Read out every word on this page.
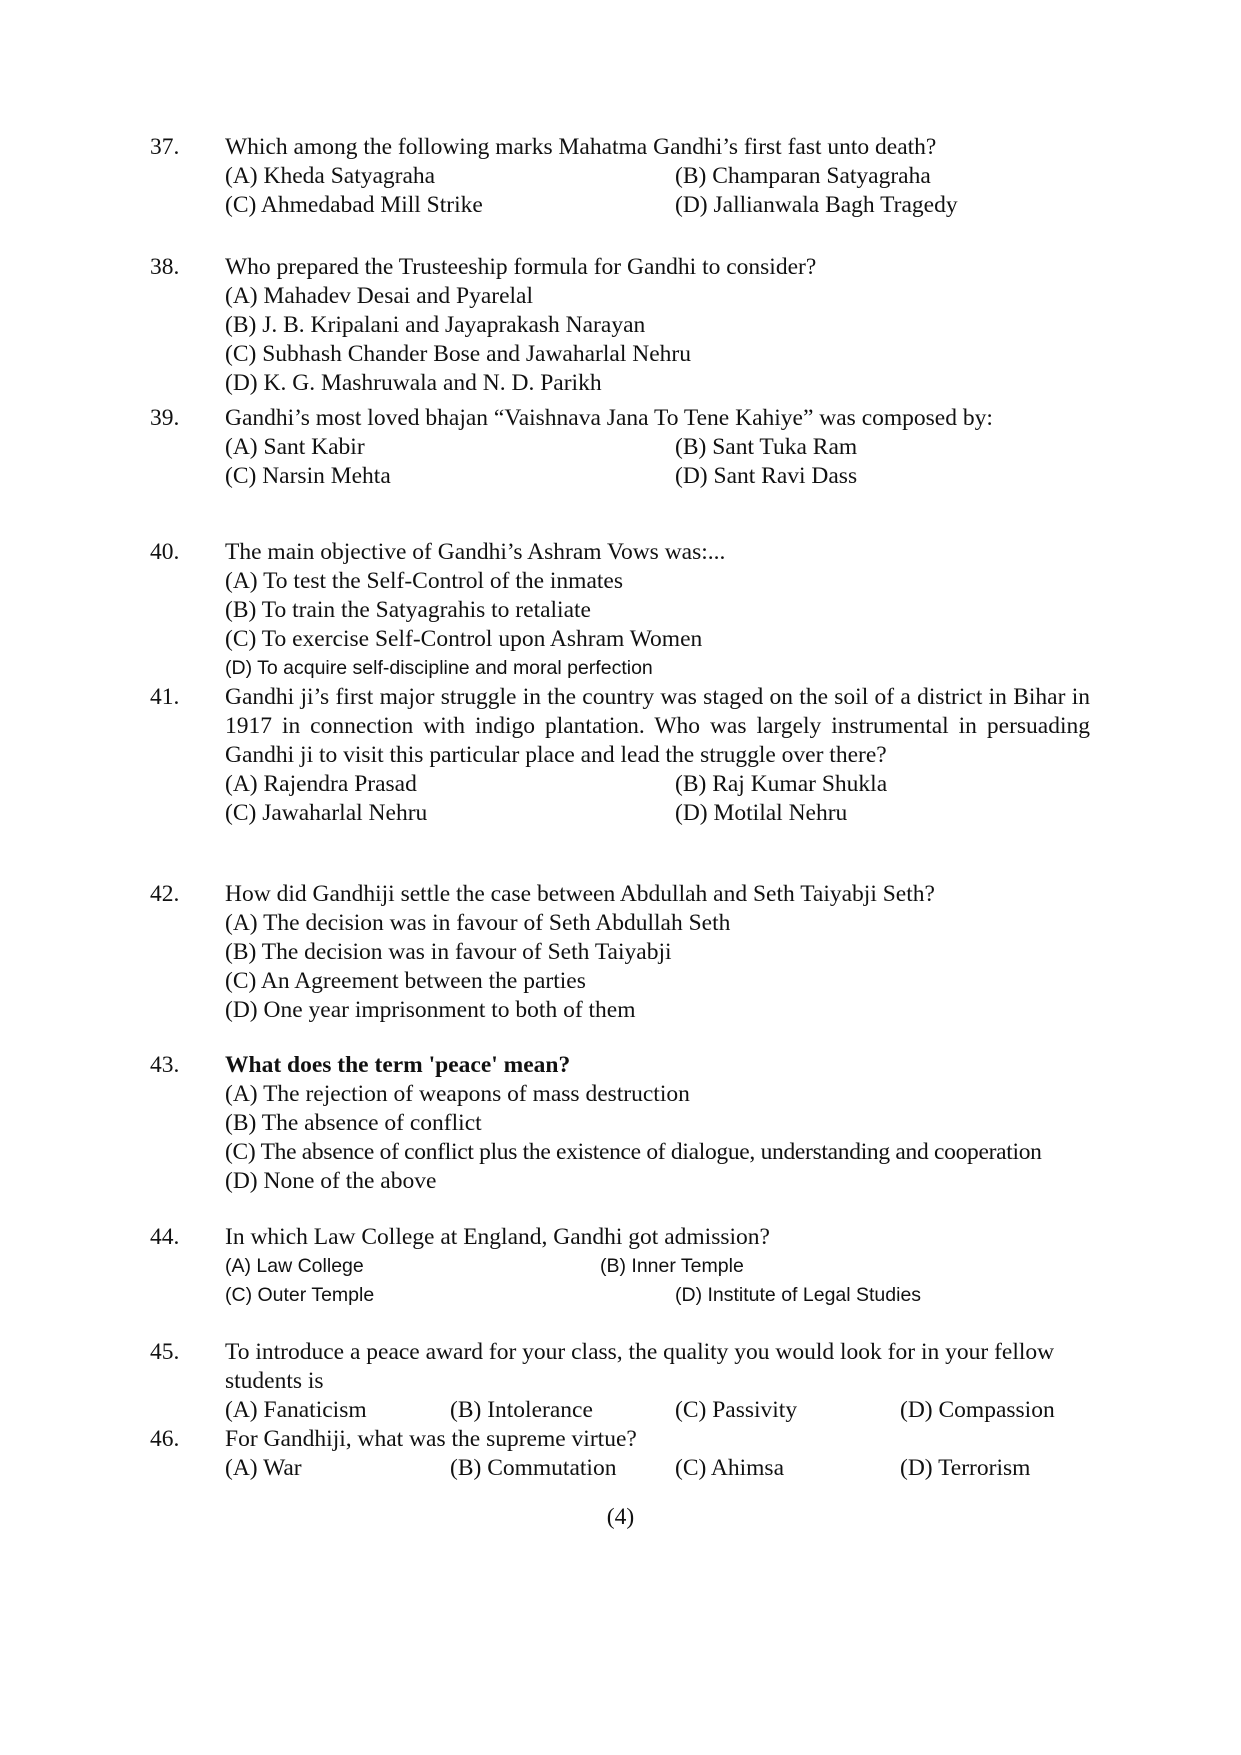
37. Which among the following marks Mahatma Gandhi’s first fast unto death?
(A) Kheda Satyagraha	(B) Champaran Satyagraha
(C) Ahmedabad Mill Strike	(D) Jallianwala Bagh Tragedy
38. Who prepared the Trusteeship formula for Gandhi to consider?
(A) Mahadev Desai and Pyarelal
(B) J. B. Kripalani and Jayaprakash Narayan
(C) Subhash Chander Bose and Jawaharlal Nehru
(D) K. G. Mashruwala and N. D. Parikh
39. Gandhi’s most loved bhajan “Vaishnava Jana To Tene Kahiye” was composed by:
(A) Sant Kabir	(B) Sant Tuka Ram
(C) Narsin Mehta	(D) Sant Ravi Dass
40. The main objective of Gandhi’s Ashram Vows was:...
(A) To test the Self-Control of the inmates
(B) To train the Satyagrahis to retaliate
(C) To exercise Self-Control upon Ashram Women
(D) To acquire self-discipline and moral perfection
41. Gandhi ji’s first major struggle in the country was staged on the soil of a district in Bihar in 1917 in connection with indigo plantation. Who was largely instrumental in persuading Gandhi ji to visit this particular place and lead the struggle over there?
(A) Rajendra Prasad	(B) Raj Kumar Shukla
(C) Jawaharlal Nehru	(D) Motilal Nehru
42. How did Gandhiji settle the case between Abdullah and Seth Taiyabji Seth?
(A) The decision was in favour of Seth Abdullah Seth
(B) The decision was in favour of Seth Taiyabji
(C) An Agreement between the parties
(D) One year imprisonment to both of them
43. What does the term 'peace' mean?
(A) The rejection of weapons of mass destruction
(B) The absence of conflict
(C) The absence of conflict plus the existence of dialogue, understanding and cooperation
(D) None of the above
44. In which Law College at England, Gandhi got admission?
(A) Law College	(B) Inner Temple
(C) Outer Temple	(D) Institute of Legal Studies
45. To introduce a peace award for your class, the quality you would look for in your fellow
students is
(A) Fanaticism	(B) Intolerance	(C) Passivity	(D) Compassion
46. For Gandhiji, what was the supreme virtue?
(A) War	(B) Commutation (C) Ahimsa	(D) Terrorism
(4)
